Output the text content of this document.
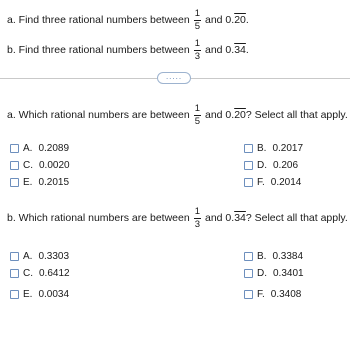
a. Find three rational numbers between $\frac{1}{5}$ and 0. 20 .
b. Find three rational numbers between $\frac{1}{3}$ and 0. 34 .
.....
a. Which rational numbers are between $\frac{1}{5}$ and 0. 20 ? Select all that apply.
A. 0.2089	B. 0.2017
C. 0.0020	D. 0.206
E. 0.2015	F. 0.2014
b. Which rational numbers are between $\frac{1}{3}$ and 0. 34 ? Select all that apply.
A. 0.3303	B. 0.3384
C. 0.6412	D. 0.3401
E. 0.0034	F. 0.3408
